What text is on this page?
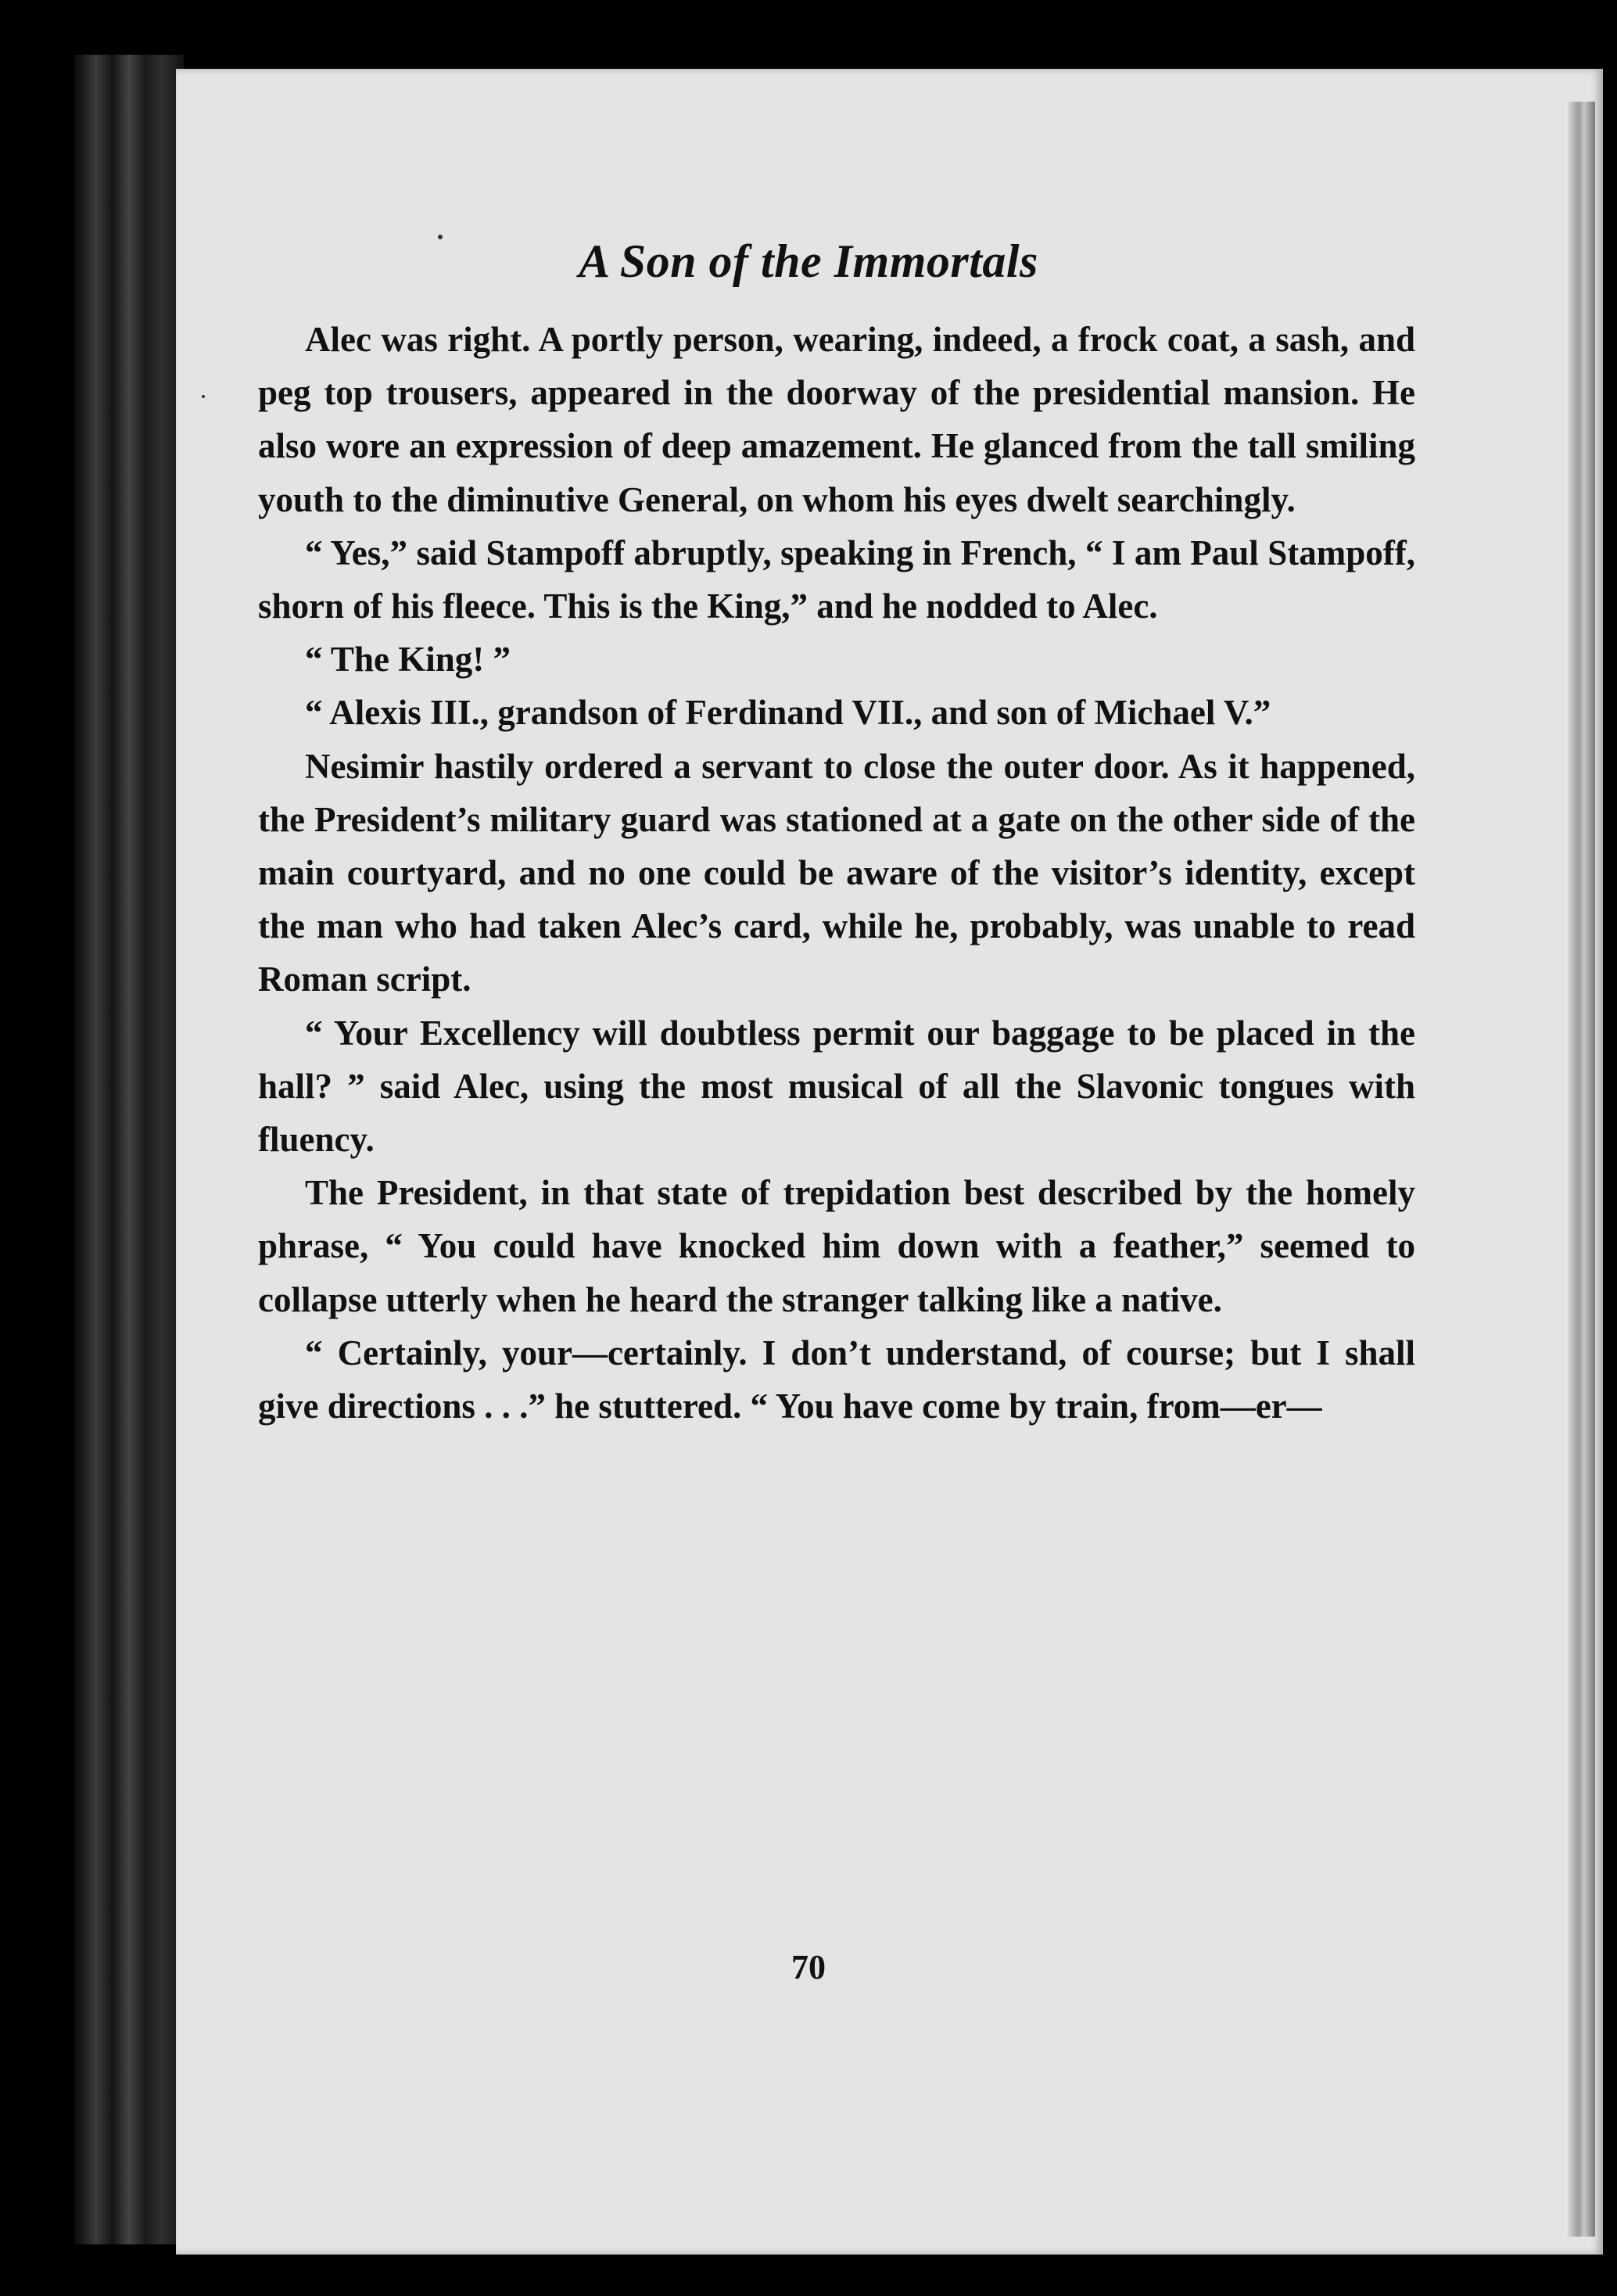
A Son of the Immortals

Alec was right. A portly person, wearing, indeed, a frock coat, a sash, and peg top trousers, appeared in the doorway of the presidential mansion. He also wore an expression of deep amazement. He glanced from the tall smiling youth to the diminutive General, on whom his eyes dwelt searchingly.

“ Yes,” said Stampoff abruptly, speaking in French, “ I am Paul Stampoff, shorn of his fleece. This is the King,” and he nodded to Alec.

“ The King! ”

“ Alexis III., grandson of Ferdinand VII., and son of Michael V.”

Nesimir hastily ordered a servant to close the outer door. As it happened, the President’s military guard was stationed at a gate on the other side of the main courtyard, and no one could be aware of the visitor’s identity, except the man who had taken Alec’s card, while he, probably, was unable to read Roman script.

“ Your Excellency will doubtless permit our baggage to be placed in the hall? ” said Alec, using the most musical of all the Slavonic tongues with fluency.

The President, in that state of trepidation best described by the homely phrase, “ You could have knocked him down with a feather,” seemed to collapse utterly when he heard the stranger talking like a native.

“ Certainly, your—certainly. I don’t understand, of course; but I shall give directions . . .” he stuttered. “ You have come by train, from—er—

70
